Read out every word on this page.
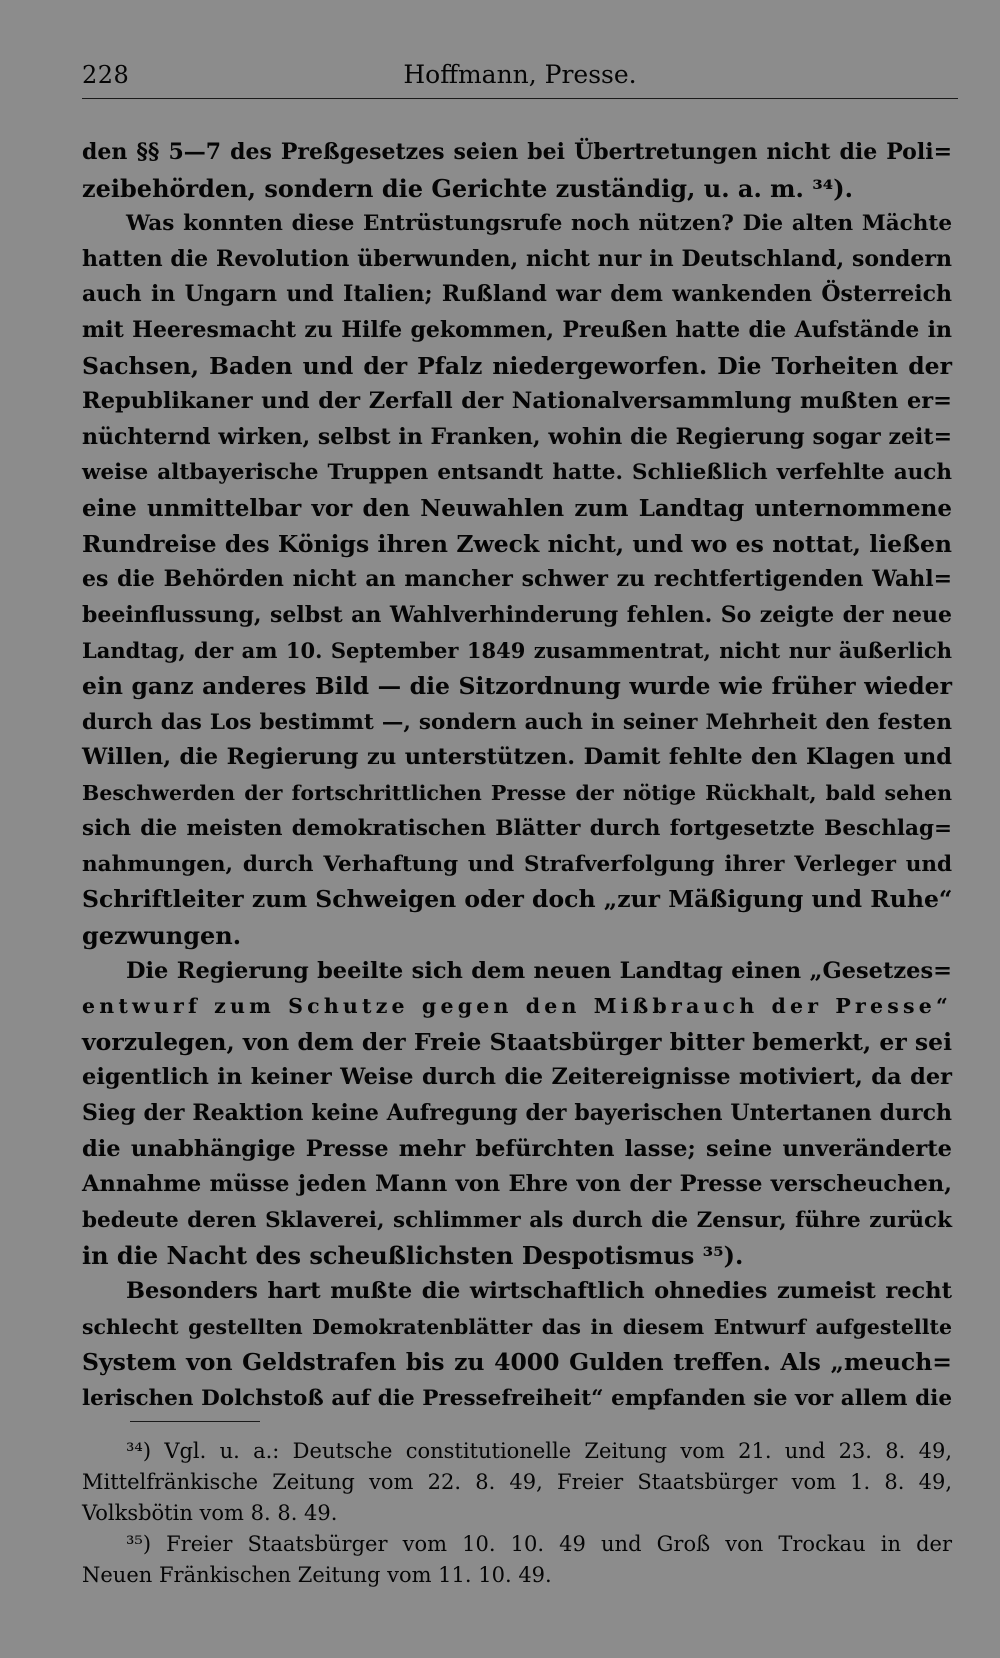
228	Hoffmann, Presse.
den §§ 5—7 des Preßgesetzes seien bei Übertretungen nicht die Poli=
zeibehörden, sondern die Gerichte zuständig, u. a. m. ³⁴).
Was konnten diese Entrüstungsrufe noch nützen? Die alten Mächte
hatten die Revolution überwunden, nicht nur in Deutschland, sondern
auch in Ungarn und Italien; Rußland war dem wankenden Österreich
mit Heeresmacht zu Hilfe gekommen, Preußen hatte die Aufstände in
Sachsen, Baden und der Pfalz niedergeworfen. Die Torheiten der
Republikaner und der Zerfall der Nationalversammlung mußten er=
nüchternd wirken, selbst in Franken, wohin die Regierung sogar zeit=
weise altbayerische Truppen entsandt hatte. Schließlich verfehlte auch
eine unmittelbar vor den Neuwahlen zum Landtag unternommene
Rundreise des Königs ihren Zweck nicht, und wo es nottat, ließen
es die Behörden nicht an mancher schwer zu rechtfertigenden Wahl=
beeinflussung, selbst an Wahlverhinderung fehlen. So zeigte der neue
Landtag, der am 10. September 1849 zusammentrat, nicht nur äußerlich
ein ganz anderes Bild — die Sitzordnung wurde wie früher wieder
durch das Los bestimmt —, sondern auch in seiner Mehrheit den festen
Willen, die Regierung zu unterstützen. Damit fehlte den Klagen und
Beschwerden der fortschrittlichen Presse der nötige Rückhalt, bald sehen
sich die meisten demokratischen Blätter durch fortgesetzte Beschlag=
nahmungen, durch Verhaftung und Strafverfolgung ihrer Verleger und
Schriftleiter zum Schweigen oder doch „zur Mäßigung und Ruhe“
gezwungen.
Die Regierung beeilte sich dem neuen Landtag einen „Gesetzes=
entwurf zum Schutze gegen den Mißbrauch der Presse“
vorzulegen, von dem der Freie Staatsbürger bitter bemerkt, er sei
eigentlich in keiner Weise durch die Zeitereignisse motiviert, da der
Sieg der Reaktion keine Aufregung der bayerischen Untertanen durch
die unabhängige Presse mehr befürchten lasse; seine unveränderte
Annahme müsse jeden Mann von Ehre von der Presse verscheuchen,
bedeute deren Sklaverei, schlimmer als durch die Zensur, führe zurück
in die Nacht des scheußlichsten Despotismus ³⁵).
Besonders hart mußte die wirtschaftlich ohnedies zumeist recht
schlecht gestellten Demokratenblätter das in diesem Entwurf aufgestellte
System von Geldstrafen bis zu 4000 Gulden treffen. Als „meuch=
lerischen Dolchstoß auf die Pressefreiheit“ empfanden sie vor allem die
³⁴) Vgl. u. a.: Deutsche constitutionelle Zeitung vom 21. und 23. 8. 49,
Mittelfränkische Zeitung vom 22. 8. 49, Freier Staatsbürger vom 1. 8. 49,
Volksbötin vom 8. 8. 49.
³⁵) Freier Staatsbürger vom 10. 10. 49 und Groß von Trockau in der
Neuen Fränkischen Zeitung vom 11. 10. 49.
